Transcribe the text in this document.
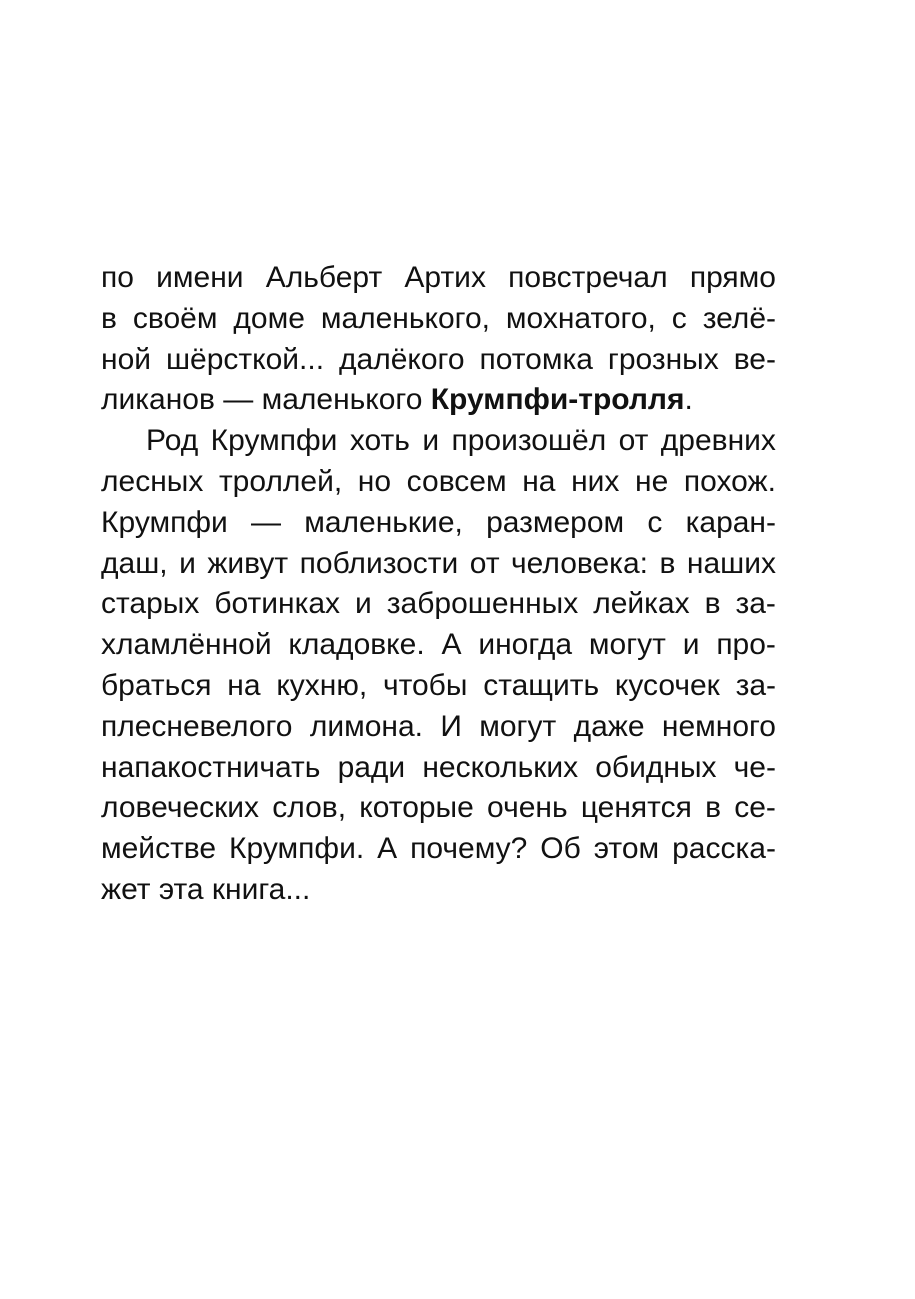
по имени Альберт Артих повстречал прямо
в своём доме маленького, мохнатого, с зелё-
ной шёрсткой... далёкого потомка грозных ве-
ликанов — маленького Крумпфи-тролля.
Род Крумпфи хоть и произошёл от древних
лесных троллей, но совсем на них не похож.
Крумпфи — маленькие, размером с каран-
даш, и живут поблизости от человека: в наших
старых ботинках и заброшенных лейках в за-
хламлённой кладовке. А иногда могут и про-
браться на кухню, чтобы стащить кусочек за-
плесневелого лимона. И могут даже немного
напакостничать ради нескольких обидных че-
ловеческих слов, которые очень ценятся в се-
мействе Крумпфи. А почему? Об этом расска-
жет эта книга...
